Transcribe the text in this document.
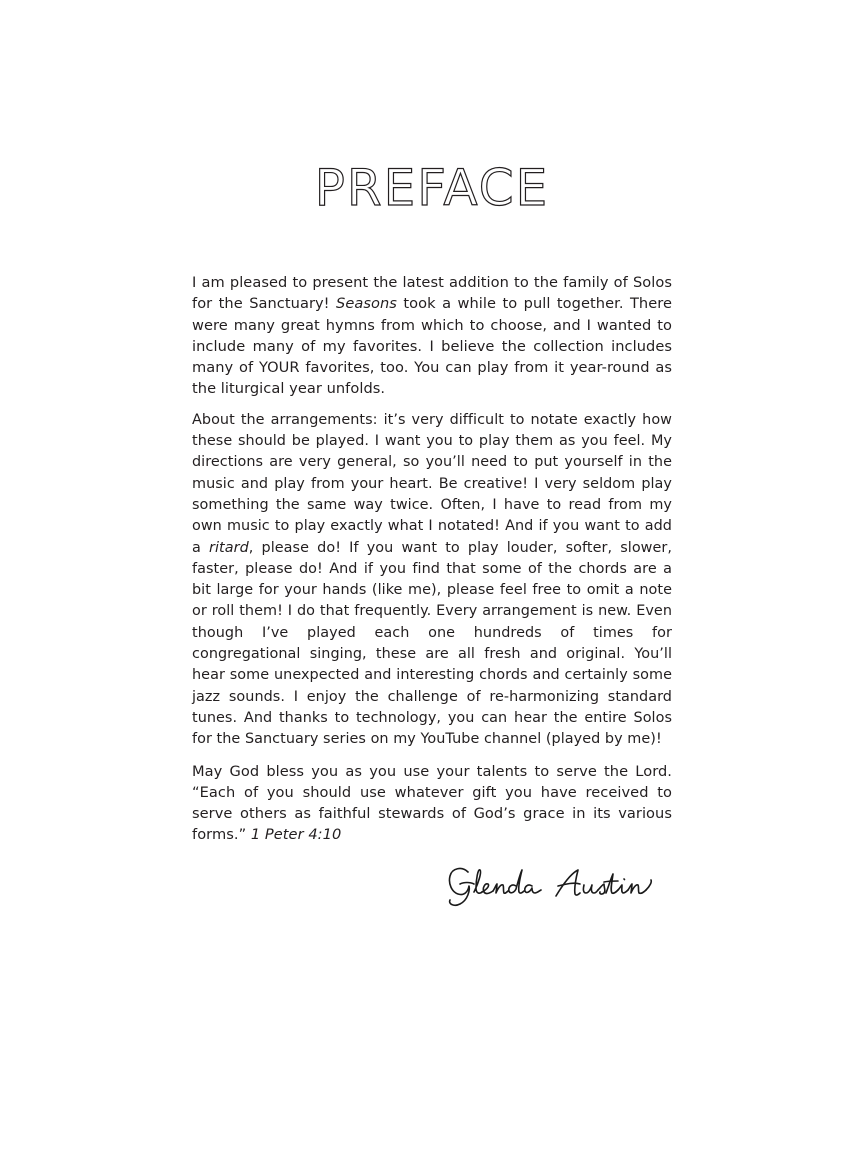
PREFACE

I am pleased to present the latest addition to the family of Solos for the Sanctuary! Seasons took a while to pull together. There were many great hymns from which to choose, and I wanted to include many of my favorites. I believe the collection includes many of YOUR favorites, too. You can play from it year-round as the liturgical year unfolds.

About the arrangements: it’s very difficult to notate exactly how these should be played. I want you to play them as you feel. My directions are very general, so you’ll need to put yourself in the music and play from your heart. Be creative! I very seldom play something the same way twice. Often, I have to read from my own music to play exactly what I notated! And if you want to add a ritard, please do! If you want to play louder, softer, slower, faster, please do! And if you find that some of the chords are a bit large for your hands (like me), please feel free to omit a note or roll them! I do that frequently. Every arrangement is new. Even though I’ve played each one hundreds of times for congregational singing, these are all fresh and original. You’ll hear some unexpected and interesting chords and certainly some jazz sounds. I enjoy the challenge of re-harmonizing standard tunes. And thanks to technology, you can hear the entire Solos for the Sanctuary series on my YouTube channel (played by me)!

May God bless you as you use your talents to serve the Lord. “Each of you should use whatever gift you have received to serve others as faithful stewards of God’s grace in its various forms.” 1 Peter 4:10
